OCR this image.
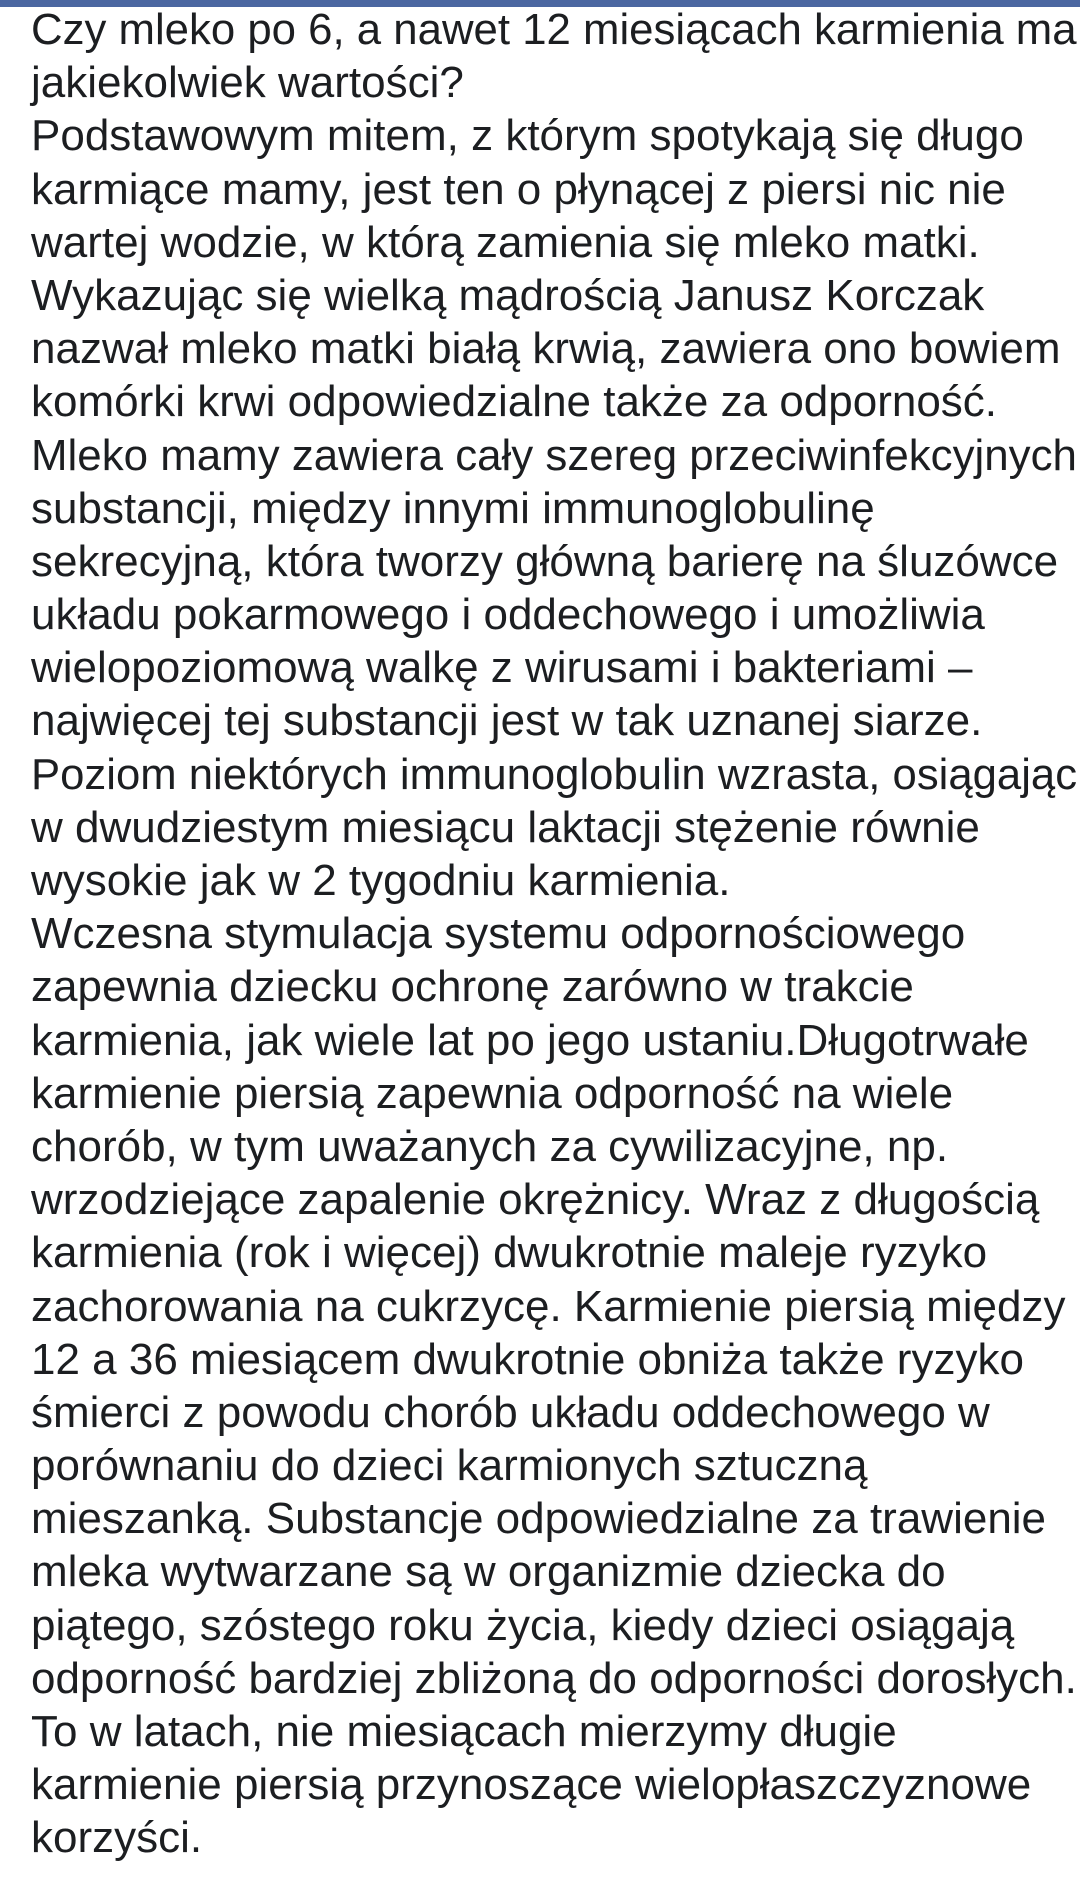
Czy mleko po 6, a nawet 12 miesiącach karmienia ma
jakiekolwiek wartości?
Podstawowym mitem, z którym spotykają się długo
karmiące mamy, jest ten o płynącej z piersi nic nie
wartej wodzie, w którą zamienia się mleko matki.
Wykazując się wielką mądrością Janusz Korczak
nazwał mleko matki białą krwią, zawiera ono bowiem
komórki krwi odpowiedzialne także za odporność.
Mleko mamy zawiera cały szereg przeciwinfekcyjnych
substancji, między innymi immunoglobulinę
sekrecyjną, która tworzy główną barierę na śluzówce
układu pokarmowego i oddechowego i umożliwia
wielopoziomową walkę z wirusami i bakteriami –
najwięcej tej substancji jest w tak uznanej siarze.
Poziom niektórych immunoglobulin wzrasta, osiągając
w dwudziestym miesiącu laktacji stężenie równie
wysokie jak w 2 tygodniu karmienia.
Wczesna stymulacja systemu odpornościowego
zapewnia dziecku ochronę zarówno w trakcie
karmienia, jak wiele lat po jego ustaniu.Długotrwałe
karmienie piersią zapewnia odporność na wiele
chorób, w tym uważanych za cywilizacyjne, np.
wrzodziejące zapalenie okrężnicy. Wraz z długością
karmienia (rok i więcej) dwukrotnie maleje ryzyko
zachorowania na cukrzycę. Karmienie piersią między
12 a 36 miesiącem dwukrotnie obniża także ryzyko
śmierci z powodu chorób układu oddechowego w
porównaniu do dzieci karmionych sztuczną
mieszanką. Substancje odpowiedzialne za trawienie
mleka wytwarzane są w organizmie dziecka do
piątego, szóstego roku życia, kiedy dzieci osiągają
odporność bardziej zbliżoną do odporności dorosłych.
To w latach, nie miesiącach mierzymy długie
karmienie piersią przynoszące wielopłaszczyznowe
korzyści.
